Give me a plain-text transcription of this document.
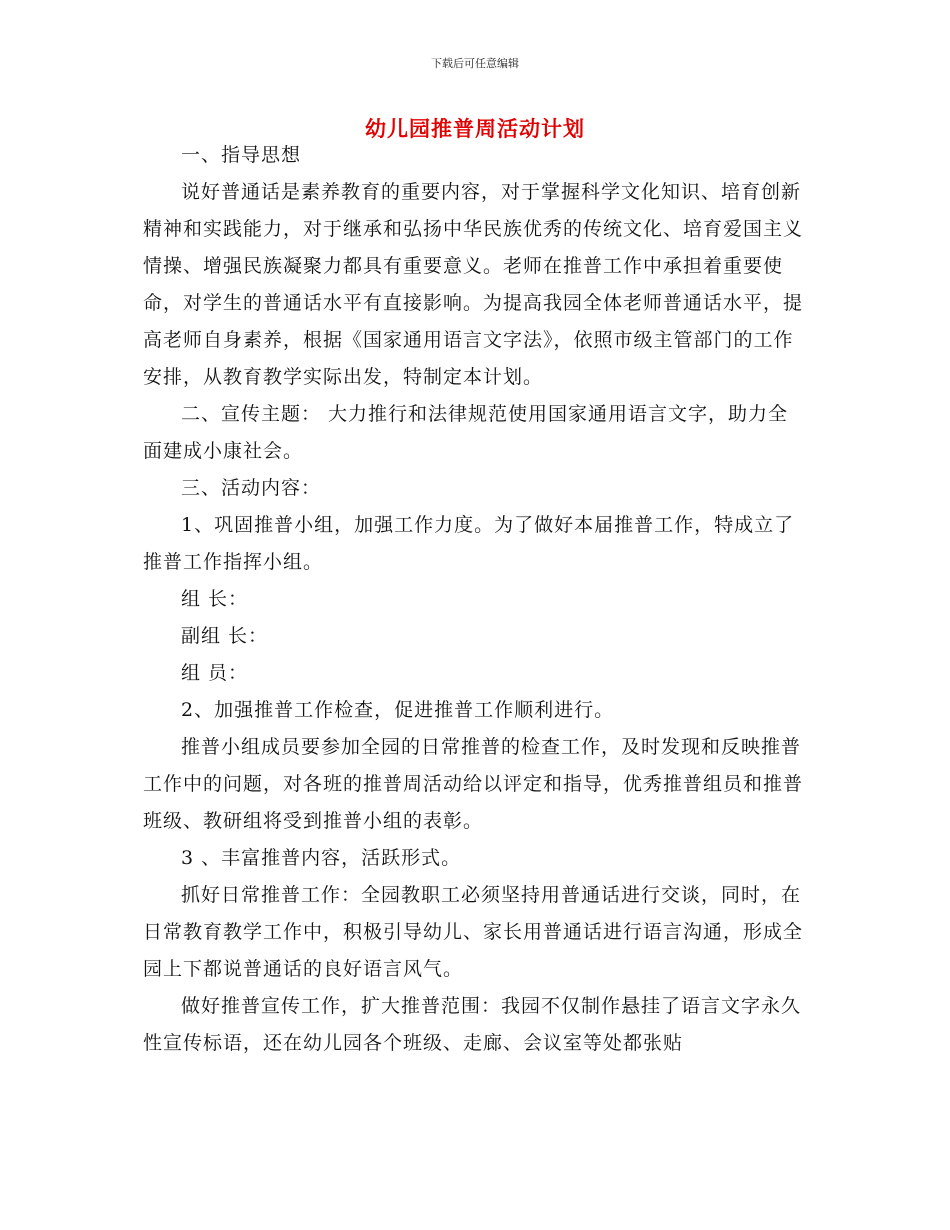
下载后可任意编辑
幼儿园推普周活动计划

一、指导思想

说好普通话是素养教育的重要内容，对于掌握科学文化知识、培育创新精神和实践能力，对于继承和弘扬中华民族优秀的传统文化、培育爱国主义情操、增强民族凝聚力都具有重要意义。老师在推普工作中承担着重要使命，对学生的普通话水平有直接影响。为提高我园全体老师普通话水平，提高老师自身素养，根据《国家通用语言文字法》，依照市级主管部门的工作安排，从教育教学实际出发，特制定本计划。

二、宣传主题： 大力推行和法律规范使用国家通用语言文字，助力全面建成小康社会。

三、活动内容：

1、巩固推普小组，加强工作力度。为了做好本届推普工作，特成立了推普工作指挥小组。

组 长：

副组 长：

组 员：

2、加强推普工作检查，促进推普工作顺利进行。

推普小组成员要参加全园的日常推普的检查工作，及时发现和反映推普工作中的问题，对各班的推普周活动给以评定和指导，优秀推普组员和推普班级、教研组将受到推普小组的表彰。

3 、丰富推普内容，活跃形式。

抓好日常推普工作：全园教职工必须坚持用普通话进行交谈，同时，在日常教育教学工作中，积极引导幼儿、家长用普通话进行语言沟通，形成全园上下都说普通话的良好语言风气。

做好推普宣传工作，扩大推普范围：我园不仅制作悬挂了语言文字永久性宣传标语，还在幼儿园各个班级、走廊、会议室等处都张贴
